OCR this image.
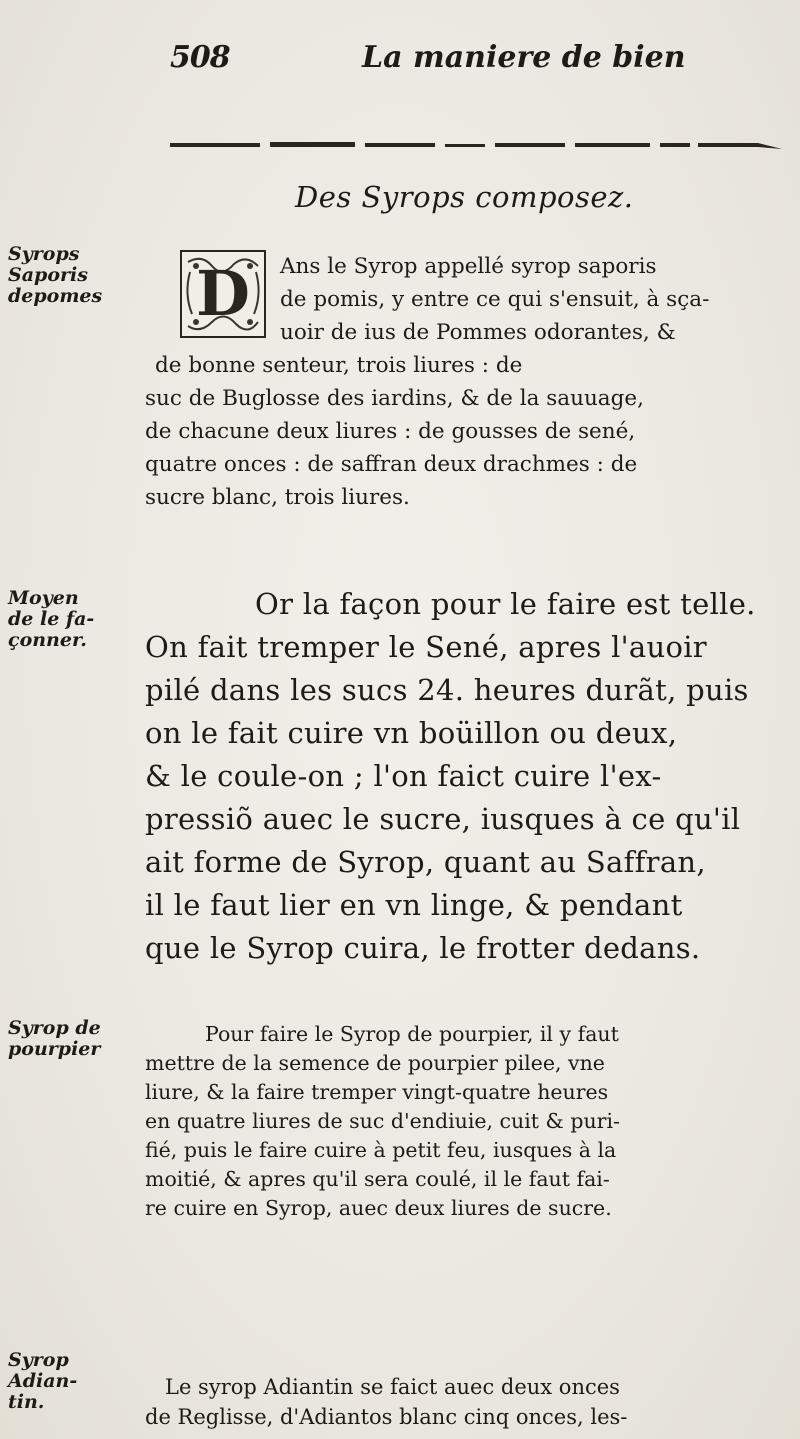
508	La maniere de bien
Des Syrops composez.
Syrops
Saporis
depomes
Moyen
de le fa-
çonner.
Syrop de
pourpier
Syrop
Adian-
tin.
D	Ans le Syrop appellé syrop saporis
de pomis, y entre ce qui s'ensuit, à sça-
uoir de ius de Pommes odorantes, &
de bonne senteur, trois liures : de
suc de Buglosse des iardins, & de la sauuage,
de chacune deux liures : de gousses de sené,
quatre onces : de saffran deux drachmes : de
sucre blanc, trois liures.
Or la façon pour le faire est telle.
On fait tremper le Sené, apres l'auoir
pilé dans les sucs 24. heures durãt, puis
on le fait cuire vn boüillon ou deux,
& le coule-on ; l'on faict cuire l'ex-
pressiõ auec le sucre, iusques à ce qu'il
ait forme de Syrop, quant au Saffran,
il le faut lier en vn linge, & pendant
que le Syrop cuira, le frotter dedans.
Pour faire le Syrop de pourpier, il y faut
mettre de la semence de pourpier pilee, vne
liure, & la faire tremper vingt-quatre heures
en quatre liures de suc d'endiuie, cuit & puri-
fié, puis le faire cuire à petit feu, iusques à la
moitié, & apres qu'il sera coulé, il le faut fai-
re cuire en Syrop, auec deux liures de sucre.
Le syrop Adiantin se faict auec deux onces
de Reglisse, d'Adiantos blanc cinq onces, les-
